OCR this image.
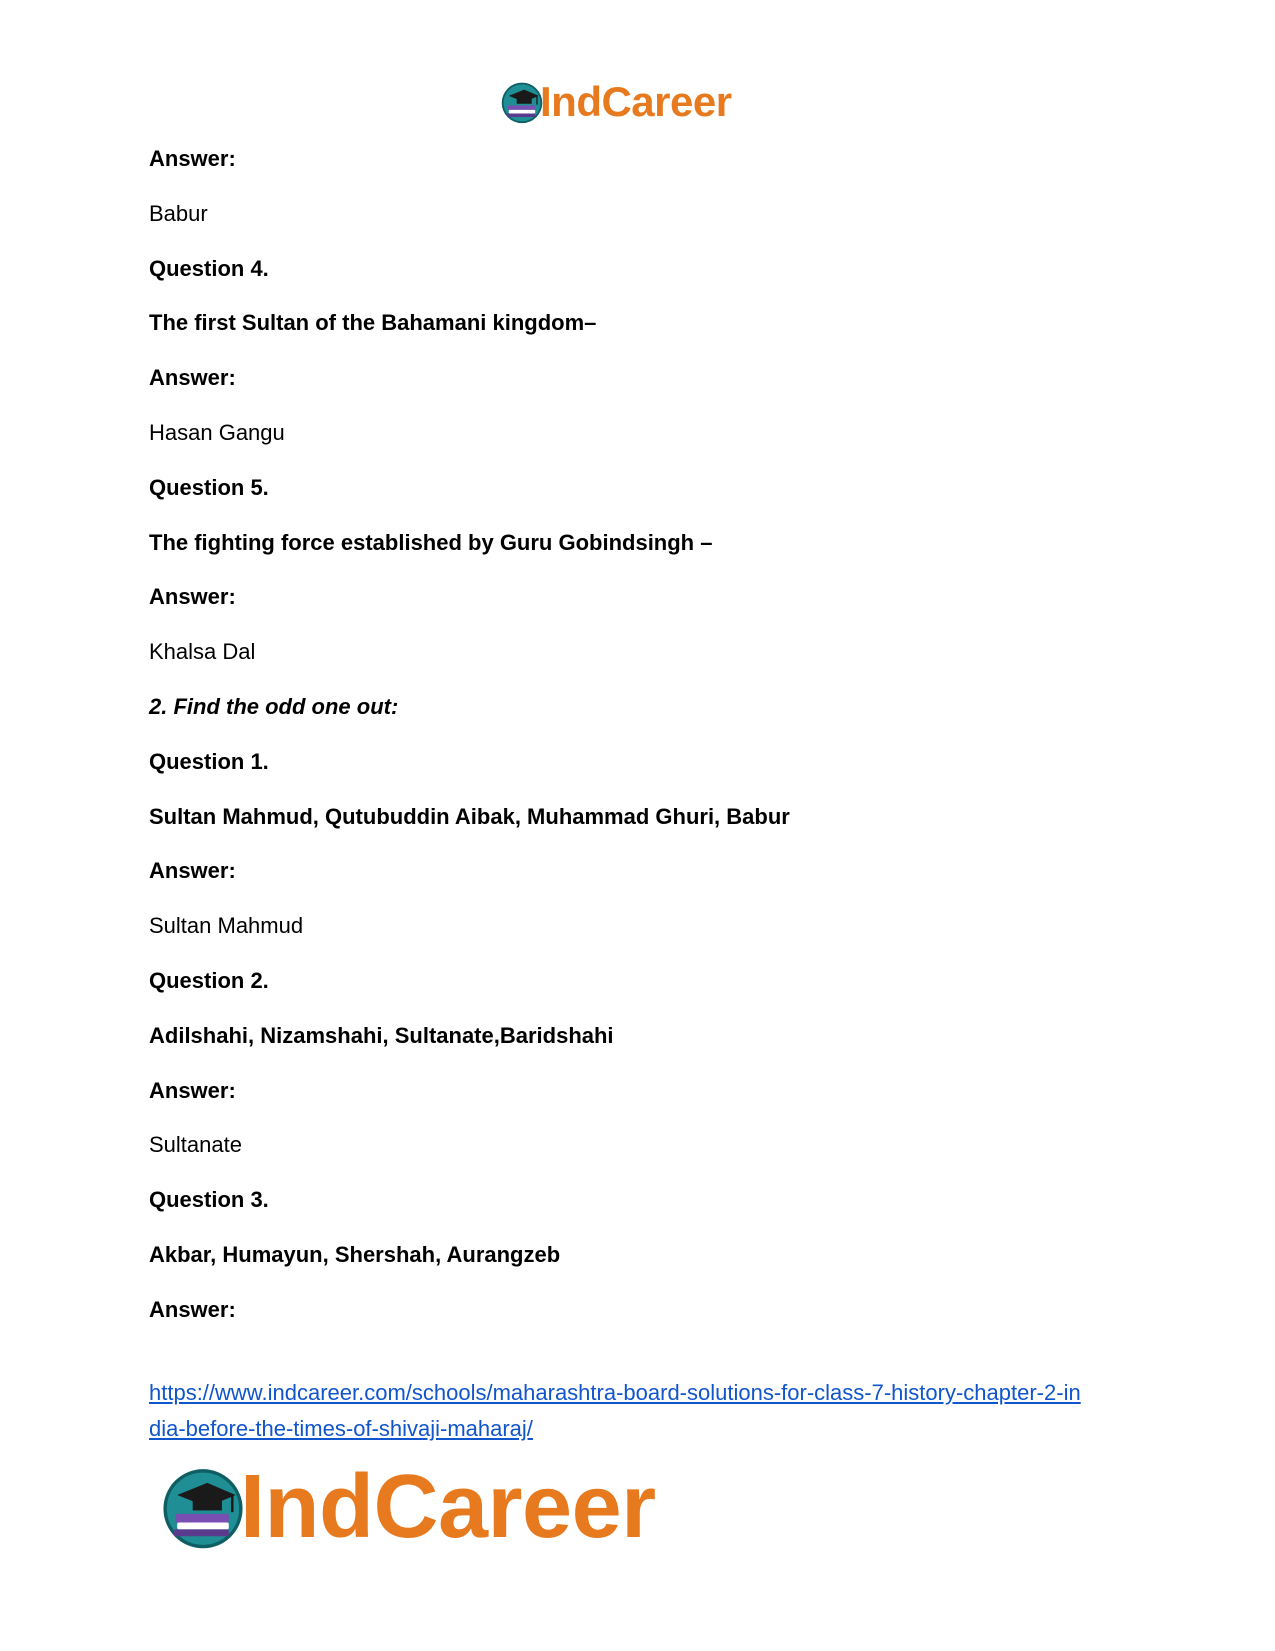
IndCareer
Answer:
Babur
Question 4.
The first Sultan of the Bahamani kingdom–
Answer:
Hasan Gangu
Question 5.
The fighting force established by Guru Gobindsingh –
Answer:
Khalsa Dal
2. Find the odd one out:
Question 1.
Sultan Mahmud, Qutubuddin Aibak, Muhammad Ghuri, Babur
Answer:
Sultan Mahmud
Question 2.
Adilshahi, Nizamshahi, Sultanate,Baridshahi
Answer:
Sultanate
Question 3.
Akbar, Humayun, Shershah, Aurangzeb
Answer:
https://www.indcareer.com/schools/maharashtra-board-solutions-for-class-7-history-chapter-2-in
dia-before-the-times-of-shivaji-maharaj/
IndCareer
